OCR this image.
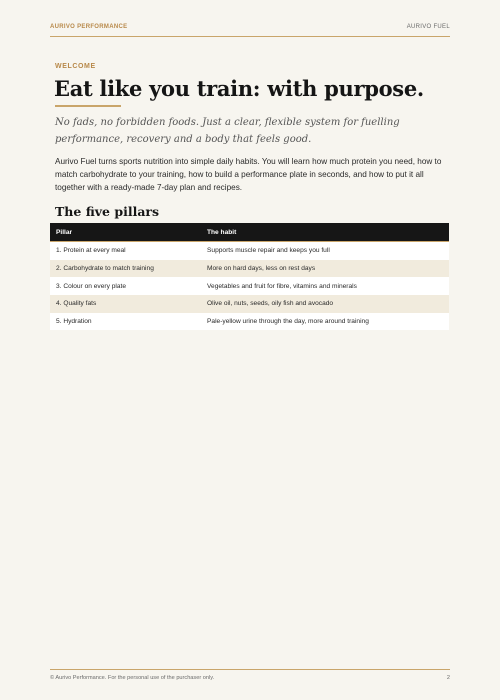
AURIVO PERFORMANCE	AURIVO FUEL
WELCOME
Eat like you train: with purpose.

No fads, no forbidden foods. Just a clear, flexible system for fuelling performance, recovery and a body that feels good.

Aurivo Fuel turns sports nutrition into simple daily habits. You will learn how much protein you need, how to match carbohydrate to your training, how to build a performance plate in seconds, and how to put it all together with a ready-made 7-day plan and recipes.

The five pillars
Pillar	The habit
1. Protein at every meal	Supports muscle repair and keeps you full
2. Carbohydrate to match training	More on hard days, less on rest days
3. Colour on every plate	Vegetables and fruit for fibre, vitamins and minerals
4. Quality fats	Olive oil, nuts, seeds, oily fish and avocado
5. Hydration	Pale-yellow urine through the day, more around training
© Aurivo Performance. For the personal use of the purchaser only.	2
